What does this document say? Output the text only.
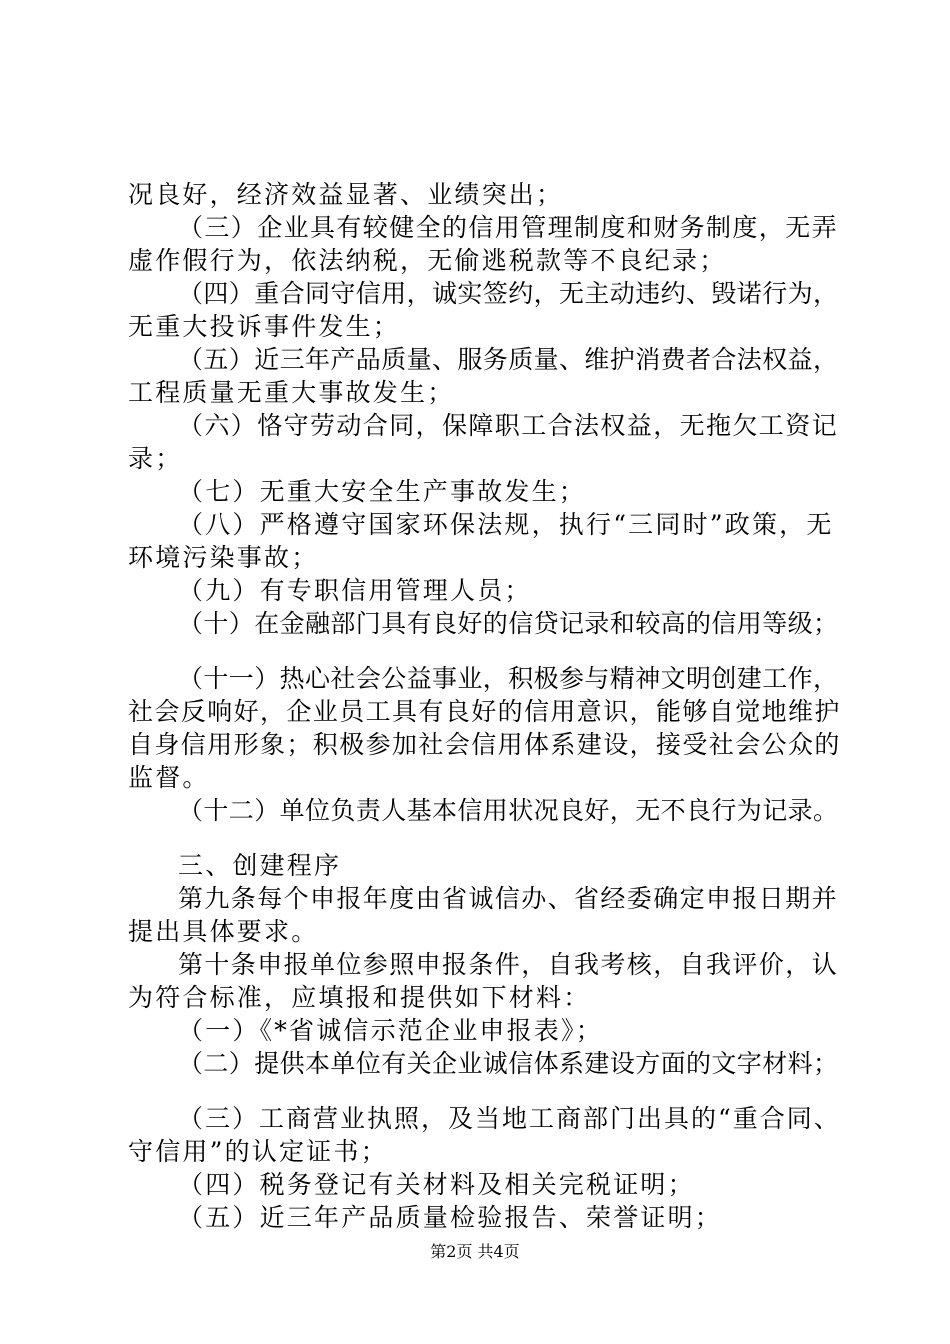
况良好，经济效益显著、业绩突出；
（三）企业具有较健全的信用管理制度和财务制度，无弄
虚作假行为，依法纳税，无偷逃税款等不良纪录；
（四）重合同守信用，诚实签约，无主动违约、毁诺行为，
无重大投诉事件发生；
（五）近三年产品质量、服务质量、维护消费者合法权益，
工程质量无重大事故发生；
（六）恪守劳动合同，保障职工合法权益，无拖欠工资记
录；
（七）无重大安全生产事故发生；
（八）严格遵守国家环保法规，执行“三同时”政策，无
环境污染事故；
（九）有专职信用管理人员；
（十）在金融部门具有良好的信贷记录和较高的信用等级；
（十一）热心社会公益事业，积极参与精神文明创建工作，
社会反响好，企业员工具有良好的信用意识，能够自觉地维护
自身信用形象；积极参加社会信用体系建设，接受社会公众的
监督。
（十二）单位负责人基本信用状况良好，无不良行为记录。
三、创建程序
第九条每个申报年度由省诚信办、省经委确定申报日期并
提出具体要求。
第十条申报单位参照申报条件，自我考核，自我评价，认
为符合标准，应填报和提供如下材料：
（一）《*省诚信示范企业申报表》；
（二）提供本单位有关企业诚信体系建设方面的文字材料；
（三）工商营业执照，及当地工商部门出具的“重合同、
守信用”的认定证书；
（四）税务登记有关材料及相关完税证明；
（五）近三年产品质量检验报告、荣誉证明；
第2页 共4页
